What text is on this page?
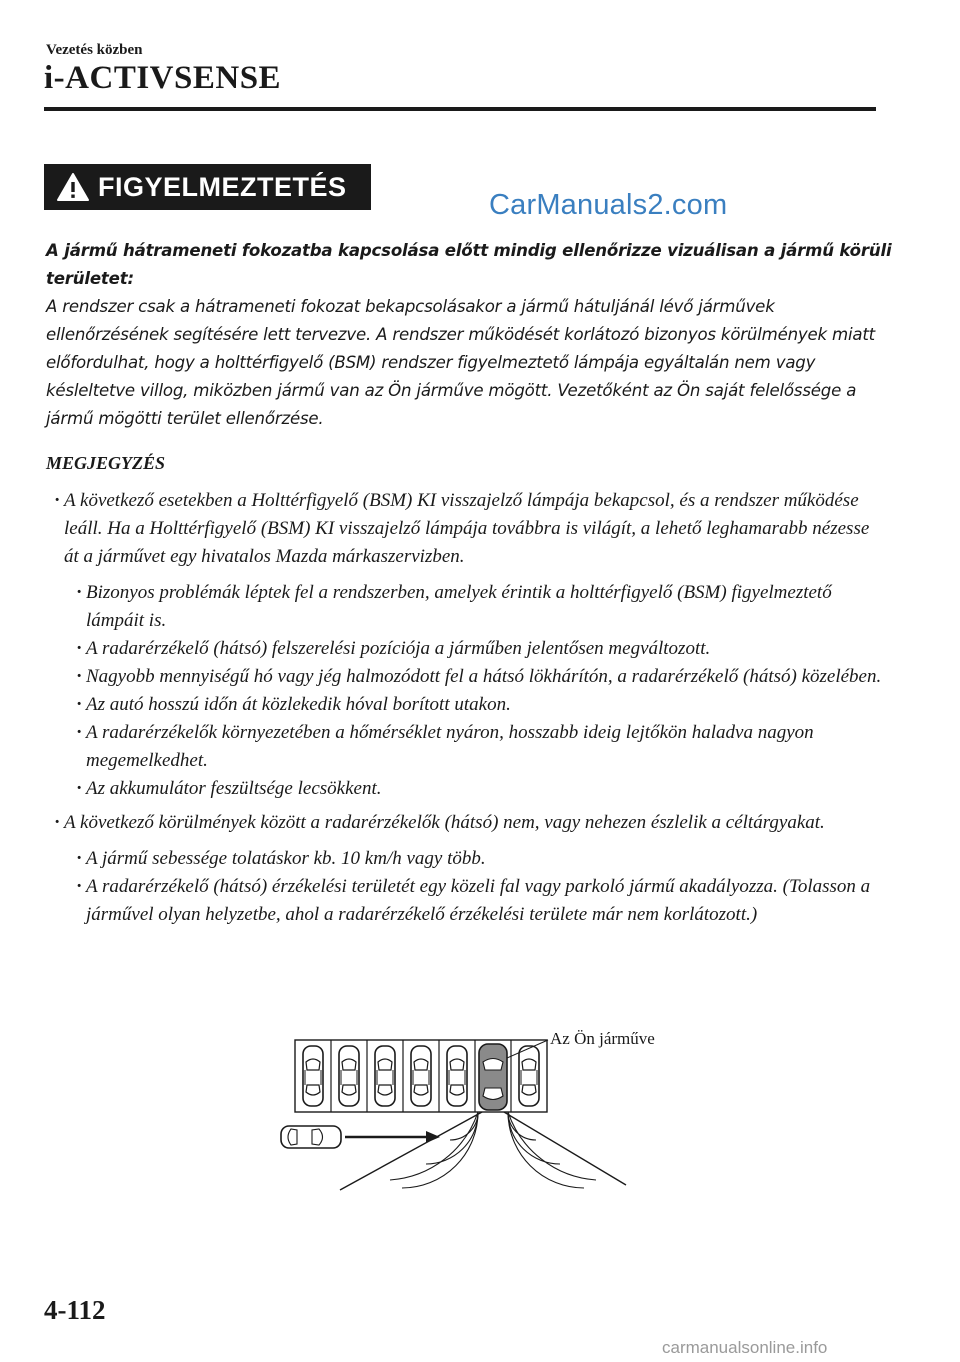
Vezetés közben
i-ACTIVSENSE
FIGYELMEZTETÉS
CarManuals2.com

A jármű hátrameneti fokozatba kapcsolása előtt mindig ellenőrizze vizuálisan a jármű körüli területet:

A rendszer csak a hátrameneti fokozat bekapcsolásakor a jármű hátuljánál lévő járművek ellenőrzésének segítésére lett tervezve. A rendszer működését korlátozó bizonyos körülmények miatt előfordulhat, hogy a holttérfigyelő (BSM) rendszer figyelmeztető lámpája egyáltalán nem vagy késleltetve villog, miközben jármű van az Ön járműve mögött. Vezetőként az Ön saját felelőssége a jármű mögötti terület ellenőrzése.

MEGJEGYZÉS

· A következő esetekben a Holttérfigyelő (BSM) KI visszajelző lámpája bekapcsol, és a rendszer működése leáll. Ha a Holttérfigyelő (BSM) KI visszajelző lámpája továbbra is világít, a lehető leghamarabb nézesse át a járművet egy hivatalos Mazda márkaszervizben.

· Bizonyos problémák léptek fel a rendszerben, amelyek érintik a holttérfigyelő (BSM) figyelmeztető lámpáit is.

· A radarérzékelő (hátsó) felszerelési pozíciója a járműben jelentősen megváltozott.

· Nagyobb mennyiségű hó vagy jég halmozódott fel a hátsó lökhárítón, a radarérzékelő (hátsó) közelében.

· Az autó hosszú időn át közlekedik hóval borított utakon.

· A radarérzékelők környezetében a hőmérséklet nyáron, hosszabb ideig lejtőkön haladva nagyon megemelkedhet.

· Az akkumulátor feszültsége lecsökkent.

· A következő körülmények között a radarérzékelők (hátsó) nem, vagy nehezen észlelik a céltárgyakat.

· A jármű sebessége tolatáskor kb. 10 km/h vagy több.

· A radarérzékelő (hátsó) érzékelési területét egy közeli fal vagy parkoló jármű akadályozza. (Tolasson a járművel olyan helyzetbe, ahol a radarérzékelő érzékelési területe már nem korlátozott.)

Az Ön járműve
4-112
carmanualsonline.info
